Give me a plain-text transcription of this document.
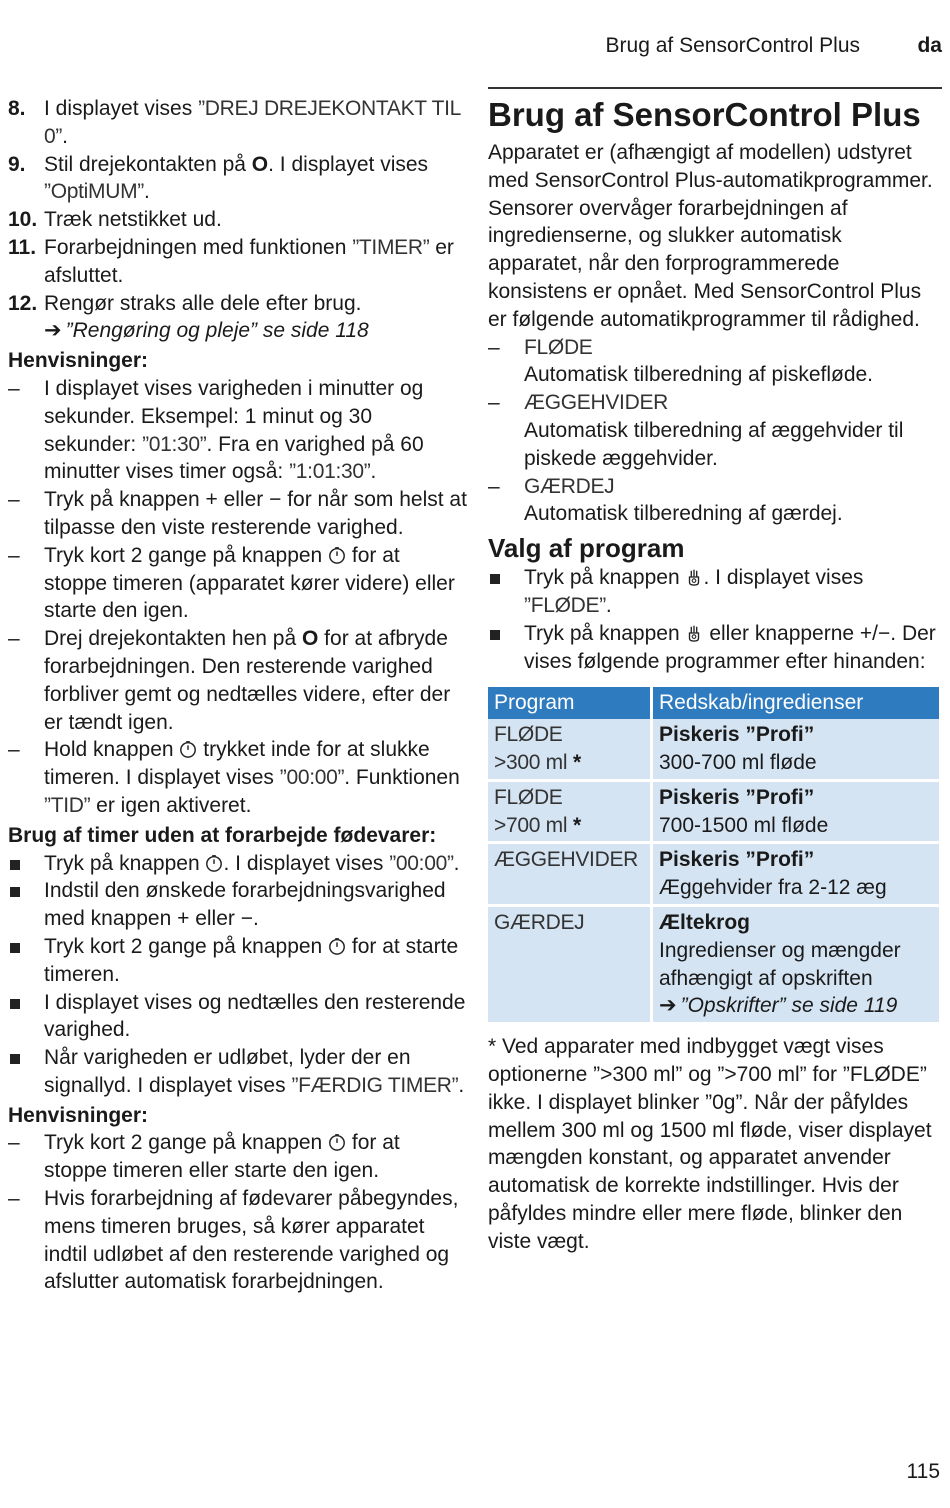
Brug af SensorControl Plus	da
8. I displayet vises ”DREJ DREJEKONTAKT TIL 0”.
9. Stil drejekontakten på O. I displayet vises ”OptiMUM”.
10. Træk netstikket ud.
11. Forarbejdningen med funktionen ”TIMER” er afsluttet.
12. Rengør straks alle dele efter brug.
➔ ”Rengøring og pleje” se side 118
Henvisninger:
– I displayet vises varigheden i minutter og sekunder. Eksempel: 1 minut og 30 sekunder: ”01:30”. Fra en varighed på 60 minutter vises timer også: ”1:01:30”.
– Tryk på knappen + eller − for når som helst at tilpasse den viste resterende varighed.
– Tryk kort 2 gange på knappen  for at stoppe timeren (apparatet kører videre) eller starte den igen.
– Drej drejekontakten hen på O for at afbryde forarbejdningen. Den resterende varighed forbliver gemt og nedtælles videre, efter der er tændt igen.
– Hold knappen  trykket inde for at slukke timeren. I displayet vises ”00:00”. Funktionen ”TID” er igen aktiveret.
Brug af timer uden at forarbejde fødevarer:
Tryk på knappen . I displayet vises ”00:00”.
Indstil den ønskede forarbejdningsvarighed med knappen + eller −.
Tryk kort 2 gange på knappen  for at starte timeren.
I displayet vises og nedtælles den resterende varighed.
Når varigheden er udløbet, lyder der en signallyd. I displayet vises ”FÆRDIG TIMER”.
Henvisninger:
– Tryk kort 2 gange på knappen  for at stoppe timeren eller starte den igen.
– Hvis forarbejdning af fødevarer påbegyndes, mens timeren bruges, så kører apparatet indtil udløbet af den resterende varighed og afslutter automatisk forarbejdningen.
Brug af SensorControl Plus
Apparatet er (afhængigt af modellen) udstyret med SensorControl Plus-automatikprogrammer. Sensorer overvåger forarbejdningen af ingredienserne, og slukker automatisk apparatet, når den forprogrammerede konsistens er opnået. Med SensorControl Plus er følgende automatikprogrammer til rådighed.
– FLØDE
Automatisk tilberedning af piskefløde.
– ÆGGEHVIDER
Automatisk tilberedning af æggehvider til piskede æggehvider.
– GÆRDEJ
Automatisk tilberedning af gærdej.
Valg af program
Tryk på knappen . I displayet vises ”FLØDE”.
Tryk på knappen  eller knapperne +/−. Der vises følgende programmer efter hinanden:
Program	Redskab/ingredienser

FLØDE
>300 ml *	Piskeris ”Profi”
300-700 ml fløde

FLØDE
>700 ml *	Piskeris ”Profi”
700-1500 ml fløde

ÆGGEHVIDER	Piskeris ”Profi”
Æggehvider fra 2-12 æg

GÆRDEJ	Æltekrog
Ingredienser og mængder afhængigt af opskriften
➔ ”Opskrifter” se side 119
* Ved apparater med indbygget vægt vises optionerne ”>300 ml” og ”>700 ml” for ”FLØDE” ikke. I displayet blinker ”0g”. Når der påfyldes mellem 300 ml og 1500 ml fløde, viser displayet mængden konstant, og apparatet anvender automatisk de korrekte indstillinger. Hvis der påfyldes mindre eller mere fløde, blinker den viste vægt.
115
